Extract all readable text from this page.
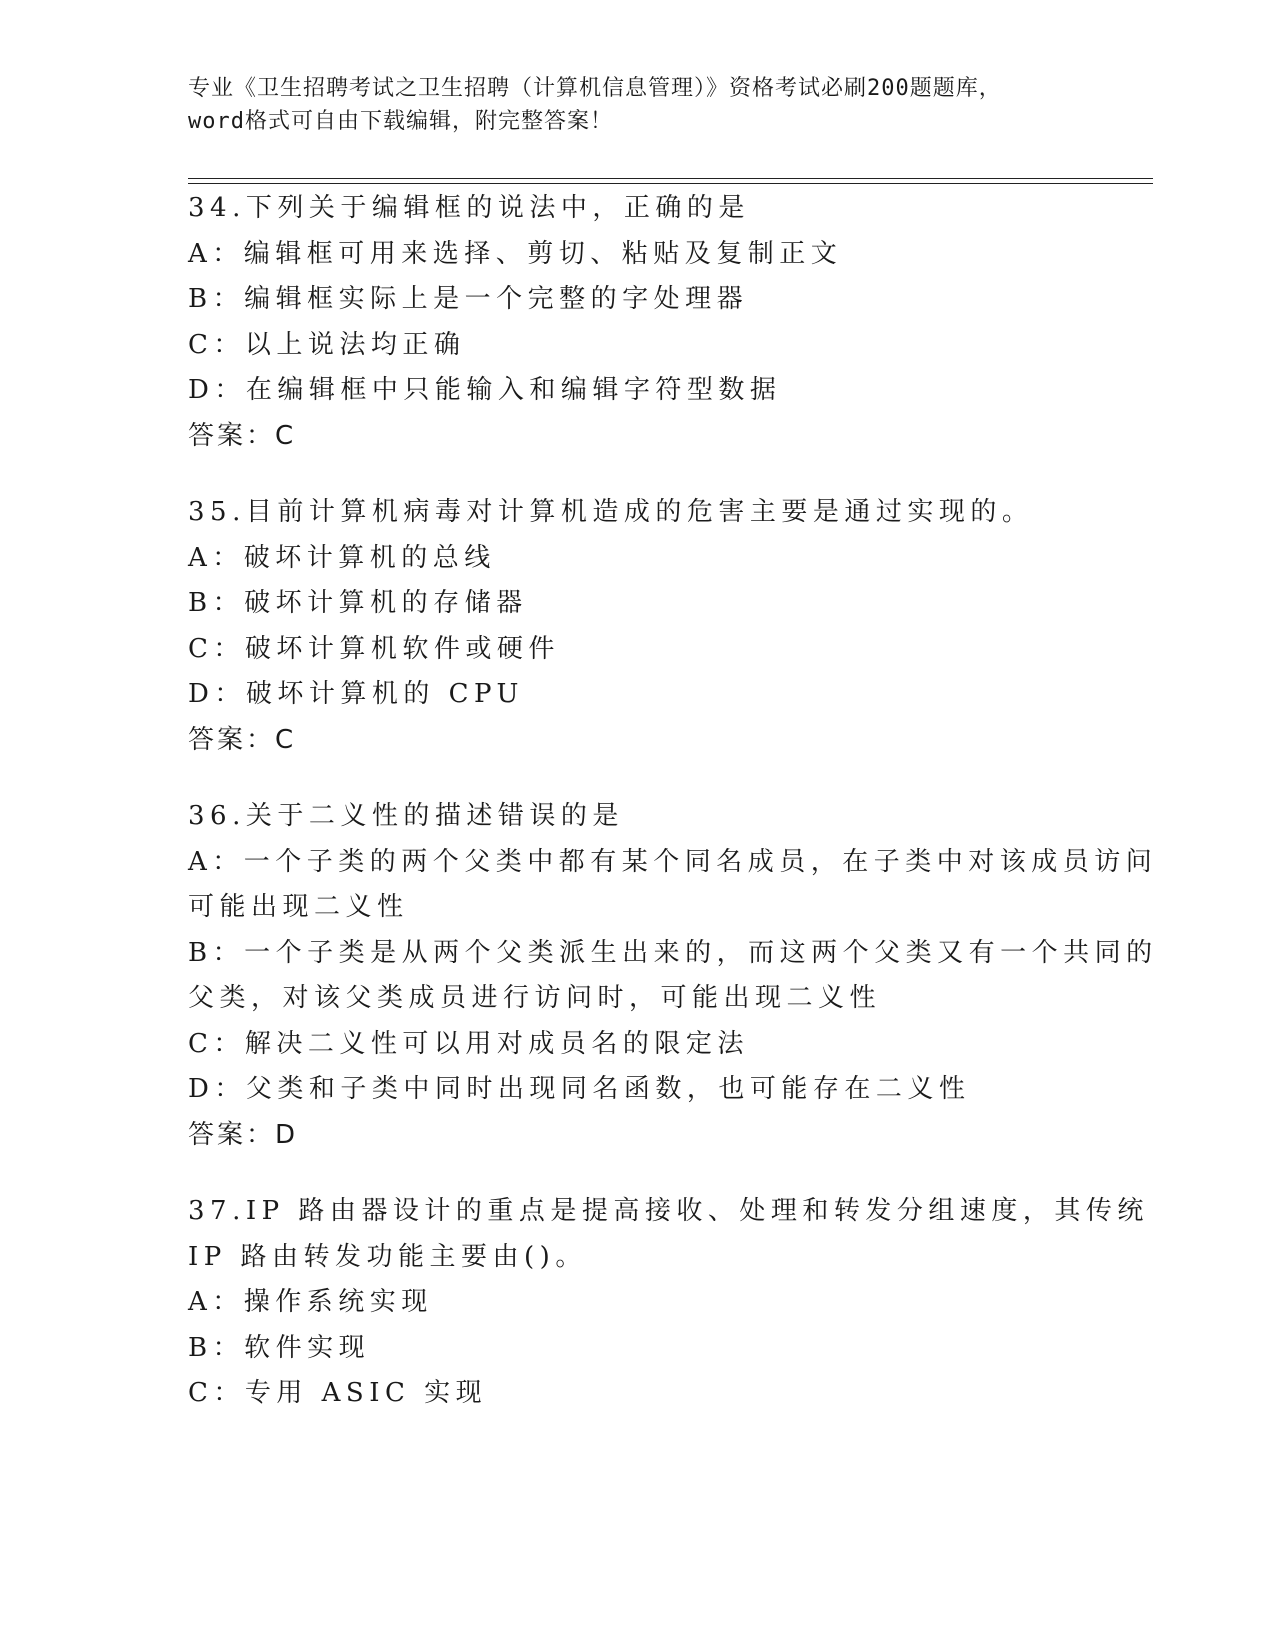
专业《卫生招聘考试之卫生招聘（计算机信息管理）》资格考试必刷200题题库，
word格式可自由下载编辑，附完整答案！
34.下列关于编辑框的说法中，正确的是
A：编辑框可用来选择、剪切、粘贴及复制正文
B：编辑框实际上是一个完整的字处理器
C：以上说法均正确
D：在编辑框中只能输入和编辑字符型数据
答案：C
35.目前计算机病毒对计算机造成的危害主要是通过实现的。
A：破坏计算机的总线
B：破坏计算机的存储器
C：破坏计算机软件或硬件
D：破坏计算机的 CPU
答案：C
36.关于二义性的描述错误的是
A：一个子类的两个父类中都有某个同名成员，在子类中对该成员访问
可能出现二义性
B：一个子类是从两个父类派生出来的，而这两个父类又有一个共同的
父类，对该父类成员进行访问时，可能出现二义性
C：解决二义性可以用对成员名的限定法
D：父类和子类中同时出现同名函数，也可能存在二义性
答案：D
37.IP 路由器设计的重点是提高接收、处理和转发分组速度，其传统
IP 路由转发功能主要由()。
A：操作系统实现
B：软件实现
C：专用 ASIC 实现
